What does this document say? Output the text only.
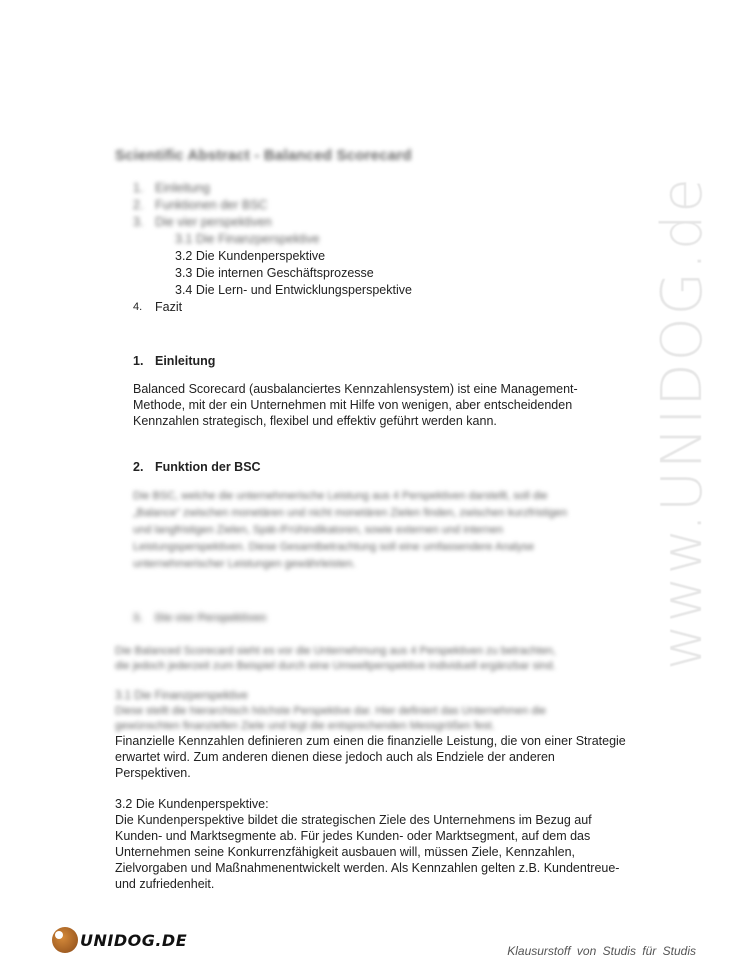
www.UNIDOG.de
Scientific Abstract - Balanced Scorecard
1. Einleitung
2. Funktionen der BSC
3. Die vier perspektiven
3.1 Die Finanzperspektive
3.2 Die Kundenperspektive
3.3 Die internen Geschäftsprozesse
3.4 Die Lern- und Entwicklungsperspektive
4.	Fazit
1. Einleitung
Balanced Scorecard (ausbalanciertes Kennzahlensystem) ist eine Management-
Methode, mit der ein Unternehmen mit Hilfe von wenigen, aber entscheidenden
Kennzahlen strategisch, flexibel und effektiv geführt werden kann.
2. Funktion der BSC
Die BSC, welche die unternehmerische Leistung aus 4 Perspektiven darstellt, soll die
„Balance“ zwischen monetären und nicht monetären Zielen finden, zwischen kurzfristigen
und langfristigen Zielen, Spät-/Frühindikatoren, sowie externen und internen
Leistungsperspektiven. Diese Gesamtbetrachtung soll eine umfassendere Analyse
unternehmerischer Leistungen gewährleisten.
3. Die vier Perspektiven
Die Balanced Scorecard sieht es vor die Unternehmung aus 4 Perspektiven zu betrachten,
die jedoch jederzeit zum Beispiel durch eine Umweltperspektive individuell ergänzbar sind.
3.1 Die Finanzperspektive
Diese stellt die hierarchisch höchste Perspektive dar. Hier definiert das Unternehmen die
gewünschten finanziellen Ziele und legt die entsprechenden Messgrößen fest.
Finanzielle Kennzahlen definieren zum einen die finanzielle Leistung, die von einer Strategie
erwartet wird. Zum anderen dienen diese jedoch auch als Endziele der anderen
Perspektiven.
3.2 Die Kundenperspektive:
Die Kundenperspektive bildet die strategischen Ziele des Unternehmens im Bezug auf
Kunden- und Marktsegmente ab. Für jedes Kunden- oder Marktsegment, auf dem das
Unternehmen seine Konkurrenzfähigkeit ausbauen will, müssen Ziele, Kennzahlen,
Zielvorgaben und Maßnahmenentwickelt werden. Als Kennzahlen gelten z.B. Kundentreue-
und zufriedenheit.
UNIDOG.DE
Klausurstoff von Studis für Studis
